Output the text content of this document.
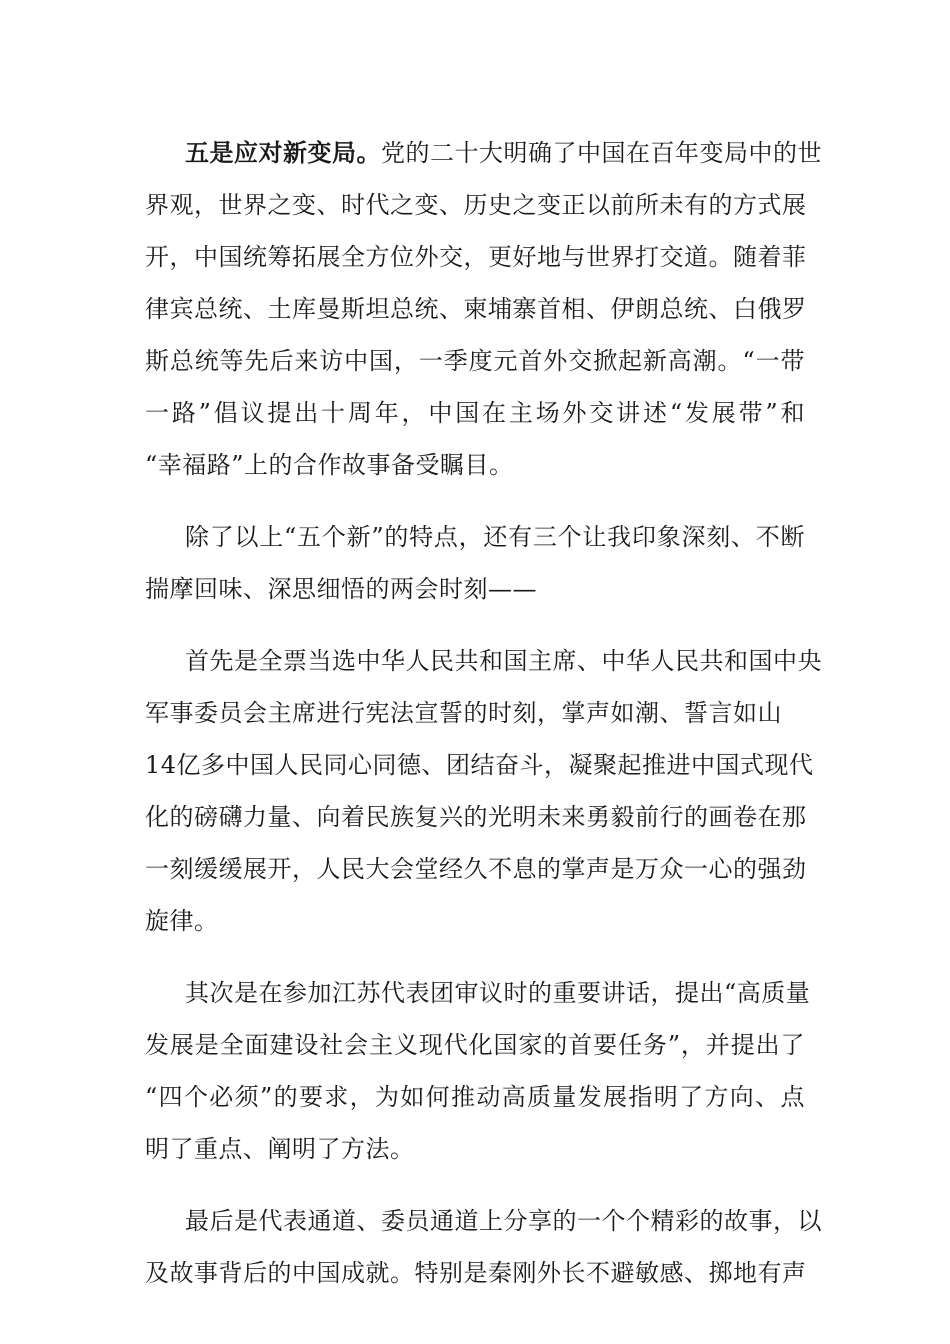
五是应对新变局。党的二十大明确了中国在百年变局中的世
界观，世界之变、时代之变、历史之变正以前所未有的方式展
开，中国统筹拓展全方位外交，更好地与世界打交道。随着菲
律宾总统、土库曼斯坦总统、柬埔寨首相、伊朗总统、白俄罗
斯总统等先后来访中国，一季度元首外交掀起新高潮。“一带
一路”倡议提出十周年，中国在主场外交讲述“发展带”和
“幸福路”上的合作故事备受瞩目。
除了以上“五个新”的特点，还有三个让我印象深刻、不断
揣摩回味、深思细悟的两会时刻——
首先是全票当选中华人民共和国主席、中华人民共和国中央
军事委员会主席进行宪法宣誓的时刻，掌声如潮、誓言如山
14亿多中国人民同心同德、团结奋斗，凝聚起推进中国式现代
化的磅礴力量、向着民族复兴的光明未来勇毅前行的画卷在那
一刻缓缓展开，人民大会堂经久不息的掌声是万众一心的强劲
旋律。
其次是在参加江苏代表团审议时的重要讲话，提出“高质量
发展是全面建设社会主义现代化国家的首要任务”，并提出了
“四个必须”的要求，为如何推动高质量发展指明了方向、点
明了重点、阐明了方法。
最后是代表通道、委员通道上分享的一个个精彩的故事，以
及故事背后的中国成就。特别是秦刚外长不避敏感、掷地有声
